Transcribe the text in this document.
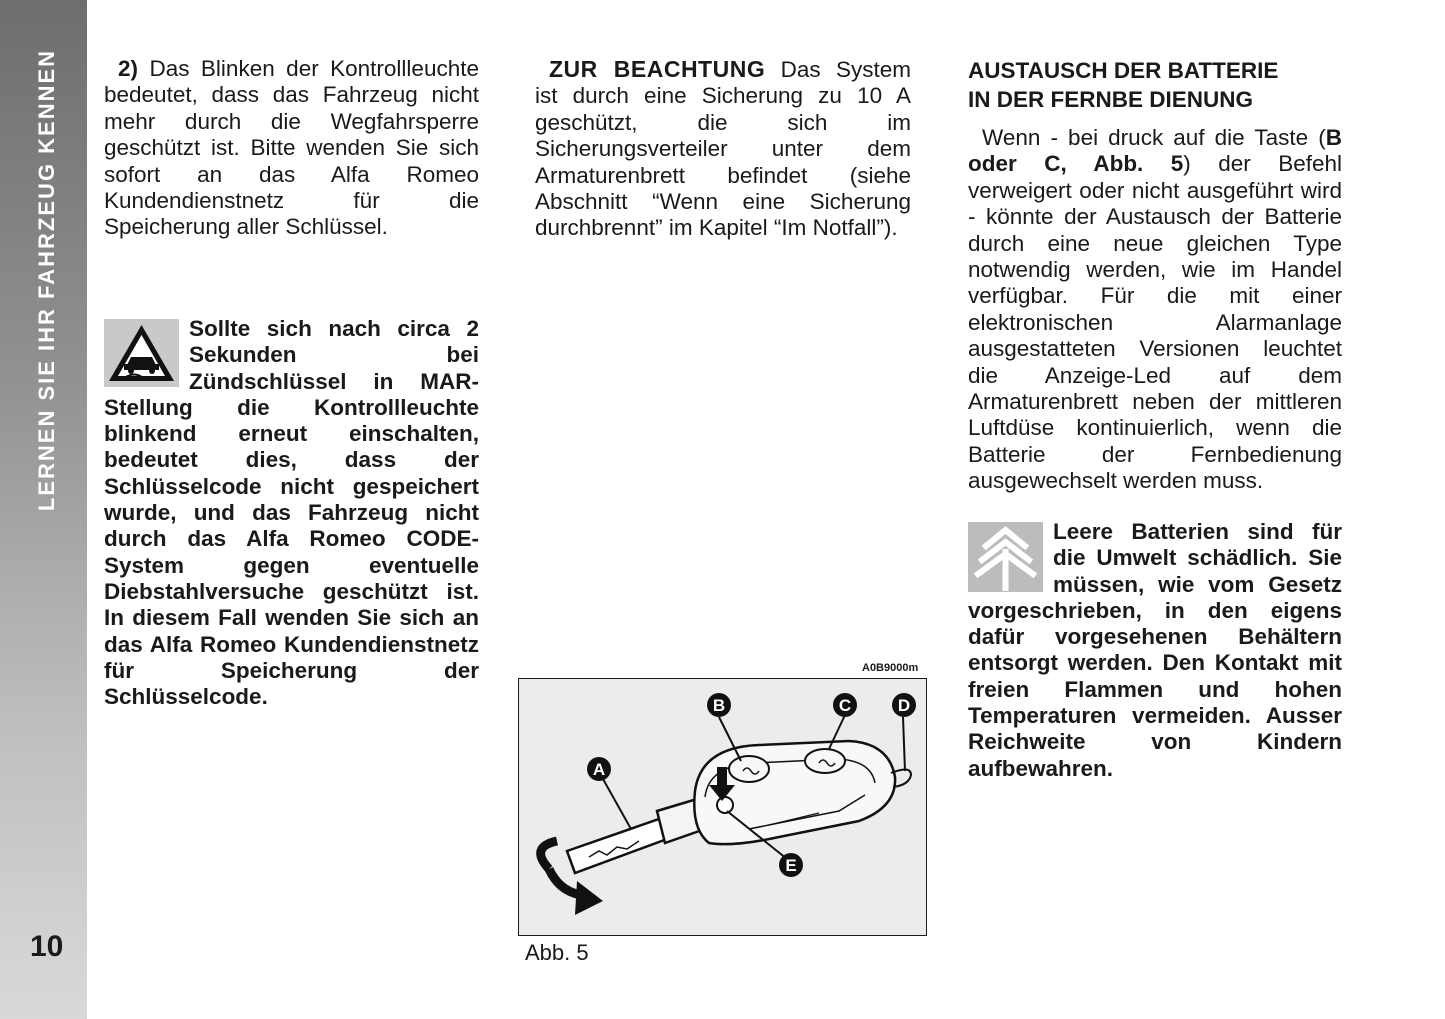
LERNEN SIE IHR FAHRZEUG KENNEN
10

2) Das Blinken der Kontrollleuchte bedeutet, dass das Fahrzeug nicht mehr durch die Wegfahrsperre geschützt ist. Bitte wenden Sie sich sofort an das Alfa Romeo Kundendienstnetz für die Speicherung aller Schlüssel.

Sollte sich nach circa 2 Sekunden bei Zündschlüssel in MAR-Stellung die Kontrollleuchte blinkend erneut einschalten, bedeutet dies, dass der Schlüsselcode nicht gespeichert wurde, und das Fahrzeug nicht durch das Alfa Romeo CODE-System gegen eventuelle Diebstahlversuche geschützt ist. In diesem Fall wenden Sie sich an das Alfa Romeo Kundendienstnetz für Speicherung der Schlüsselcode.

ZUR BEACHTUNG Das System ist durch eine Sicherung zu 10 A geschützt, die sich im Sicherungsverteiler unter dem Armaturenbrett befindet (siehe Abschnitt “Wenn eine Sicherung durchbrennt” im Kapitel “Im Notfall”).

A0B9000m
B	C	D
A
E
Abb. 5
AUSTAUSCH DER BATTERIE
IN DER FERNBE DIENUNG

Wenn - bei druck auf die Taste (B oder C, Abb. 5) der Befehl verweigert oder nicht ausgeführt wird - könnte der Austausch der Batterie durch eine neue gleichen Type notwendig werden, wie im Handel verfügbar. Für die mit einer elektronischen Alarmanlage ausgestatteten Versionen leuchtet die Anzeige-Led auf dem Armaturenbrett neben der mittleren Luftdüse kontinuierlich, wenn die Batterie der Fernbedienung ausgewechselt werden muss.

Leere Batterien sind für die Umwelt schädlich. Sie müssen, wie vom Gesetz vorgeschrieben, in den eigens dafür vorgesehenen Behältern entsorgt werden. Den Kontakt mit freien Flammen und hohen Temperaturen vermeiden. Ausser Reichweite von Kindern aufbewahren.
